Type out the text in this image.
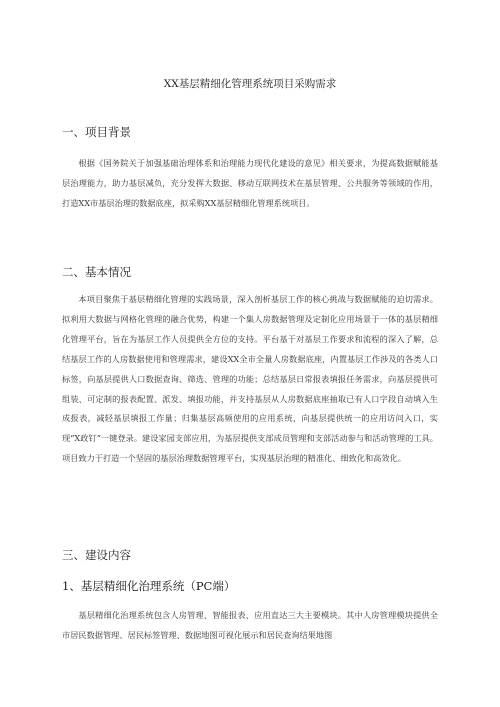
XX基层精细化管理系统项目采购需求
一、项目背景

根据《国务院关于加强基础治理体系和治理能力现代化建设的意见》相关要求，为提高数据赋能基层治理能力，助力基层减负，充分发挥大数据、移动互联网技术在基层管理、公共服务等领域的作用，打造XX市基层治理的数据底座，拟采购XX基层精细化管理系统项目。

二、基本情况

本项目聚焦于基层精细化管理的实践场景，深入剖析基层工作的核心挑战与数据赋能的迫切需求。拟利用大数据与网格化管理的融合优势，构建一个集人房数据管理及定制化应用场景于一体的基层精细化管理平台，旨在为基层工作人员提供全方位的支持。平台基于对基层工作要求和流程的深入了解，总结基层工作的人房数据使用和管理需求，建设XX全市全量人房数据底座，内置基层工作涉及的各类人口标签，向基层提供人口数据查询、筛选、管理的功能；总结基层日常报表填报任务需求，向基层提供可组装、可定制的报表配置、派发、填报功能，并支持基层从人房数据底座抽取已有人口字段自动填入生成报表，减轻基层填报工作量；归集基层高频使用的应用系统，向基层提供统一的应用访问入口，实现“X政钉”一键登录。建设家园支部应用，为基层提供支部成员管理和支部活动参与和活动管理的工具。项目致力于打造一个坚固的基层治理数据管理平台，实现基层治理的精准化、细致化和高效化。

三、建设内容
1、基层精细化治理系统（PC端）

基层精细化治理系统包含人房管理、智能报表、应用直达三大主要模块。其中人房管理模块提供全市居民数据管理、居民标签管理、数据地图可视化展示和居民查询结果地图
